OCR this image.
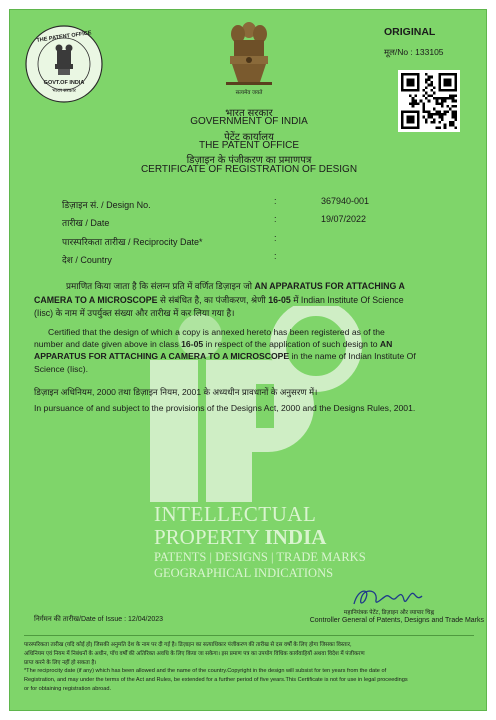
INTELLECTUAL
PROPERTY INDIA
PATENTS | DESIGNS | TRADE MARKS
GEOGRAPHICAL INDICATIONS
THE PATENT OFFICE
GOVT.OF INDIA
भारत सरकार	सत्यमेव जयते
ORIGINAL
मूल/No : 133105
भारत सरकार
GOVERNMENT OF INDIA
पेटेंट कार्यालय
THE PATENT OFFICE
डिज़ाइन के पंजीकरण का प्रमाणपत्र
CERTIFICATE OF REGISTRATION OF DESIGN
डिज़ाइन सं. / Design No.	:	367940-001
तारीख / Date	:	19/07/2022
पारस्परिकता तारीख / Reciprocity Date*	:
देश / Country	:
प्रमाणित किया जाता है कि संलग्न प्रति में वर्णित डिज़ाइन जो AN APPARATUS FOR ATTACHING A
CAMERA TO A MICROSCOPE से संबंधित है, का पंजीकरण, श्रेणी 16-05 में Indian Institute Of Science
(Iisc) के नाम में उपर्युक्त संख्या और तारीख में कर लिया गया है।
Certified that the design of which a copy is annexed hereto has been registered as of the
number and date given above in class 16-05 in respect of the application of such design to AN
APPARATUS FOR ATTACHING A CAMERA TO A MICROSCOPE in the name of Indian Institute Of
Science (Iisc).
डिज़ाइन अधिनियम, 2000 तथा डिज़ाइन नियम, 2001 के अध्यधीन प्रावधानों के अनुसरण में।
In pursuance of and subject to the provisions of the Designs Act, 2000 and the Designs Rules, 2001.
निर्गमन की तारीख/Date of Issue : 12/04/2023
महानियंत्रक पेटेंट, डिज़ाइन और व्यापार चिह्न
Controller General of Patents, Designs and Trade Marks
पारस्परिकता तारीख (यदि कोई हो) जिसकी अनुमति देश के नाम पर दी गई है। डिज़ाइन का सत्याधिकार पंजीकरण की तारीख से दस वर्षों के लिए होगा जिसका विस्तार,
अधिनियम एवं नियम में निबंधनों के अधीन, पाँच वर्षों की अतिरिक्त अवधि के लिए किया जा सकेगा। इस प्रमाण पत्र का उपयोग विधिक कार्यवाहियों अथवा विदेश में पंजीकरण
प्राप्त करने के लिए नहीं हो सकता है।
*The reciprocity date (if any) which has been allowed and the name of the country.Copyright in the design will subsist for ten years from the date of
Registration, and may under the terms of the Act and Rules, be extended for a further period of five years.This Certificate is not for use in legal proceedings
or for obtaining registration abroad.
